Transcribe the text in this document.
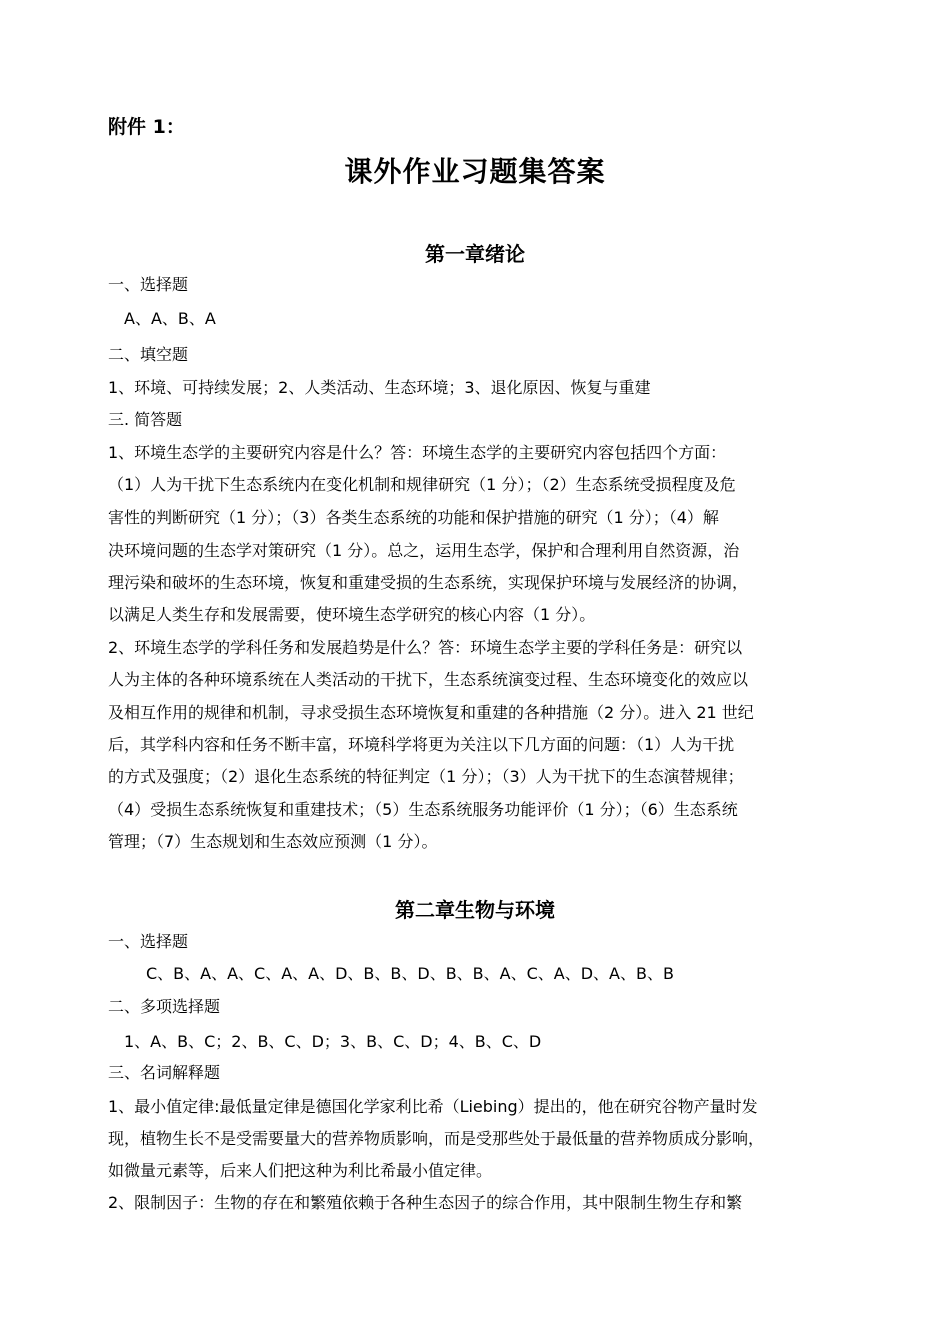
附件 1：
课外作业习题集答案
第一章绪论
一、选择题
A、A、B、A
二、填空题
1、环境、可持续发展；2、人类活动、生态环境；3、退化原因、恢复与重建
三. 简答题
1、环境生态学的主要研究内容是什么？答：环境生态学的主要研究内容包括四个方面：
（1）人为干扰下生态系统内在变化机制和规律研究（1 分）；（2）生态系统受损程度及危
害性的判断研究（1 分）；（3）各类生态系统的功能和保护措施的研究（1 分）；（4）解
决环境问题的生态学对策研究（1 分）。总之，运用生态学，保护和合理利用自然资源，治
理污染和破坏的生态环境，恢复和重建受损的生态系统，实现保护环境与发展经济的协调，
以满足人类生存和发展需要，使环境生态学研究的核心内容（1 分）。
2、环境生态学的学科任务和发展趋势是什么？答：环境生态学主要的学科任务是：研究以
人为主体的各种环境系统在人类活动的干扰下，生态系统演变过程、生态环境变化的效应以
及相互作用的规律和机制，寻求受损生态环境恢复和重建的各种措施（2 分）。进入 21 世纪
后，其学科内容和任务不断丰富，环境科学将更为关注以下几方面的问题：（1）人为干扰
的方式及强度；（2）退化生态系统的特征判定（1 分）；（3）人为干扰下的生态演替规律；
（4）受损生态系统恢复和重建技术；（5）生态系统服务功能评价（1 分）；（6）生态系统
管理；（7）生态规划和生态效应预测（1 分）。
第二章生物与环境
一、选择题
C、B、A、A、C、A、A、D、B、B、D、B、B、A、C、A、D、A、B、B
二、多项选择题
1、A、B、C；2、B、C、D；3、B、C、D；4、B、C、D
三、名词解释题
1、最小值定律:最低量定律是德国化学家利比希（Liebing）提出的，他在研究谷物产量时发
现，植物生长不是受需要量大的营养物质影响，而是受那些处于最低量的营养物质成分影响，
如微量元素等，后来人们把这种为利比希最小值定律。
2、限制因子：生物的存在和繁殖依赖于各种生态因子的综合作用，其中限制生物生存和繁
